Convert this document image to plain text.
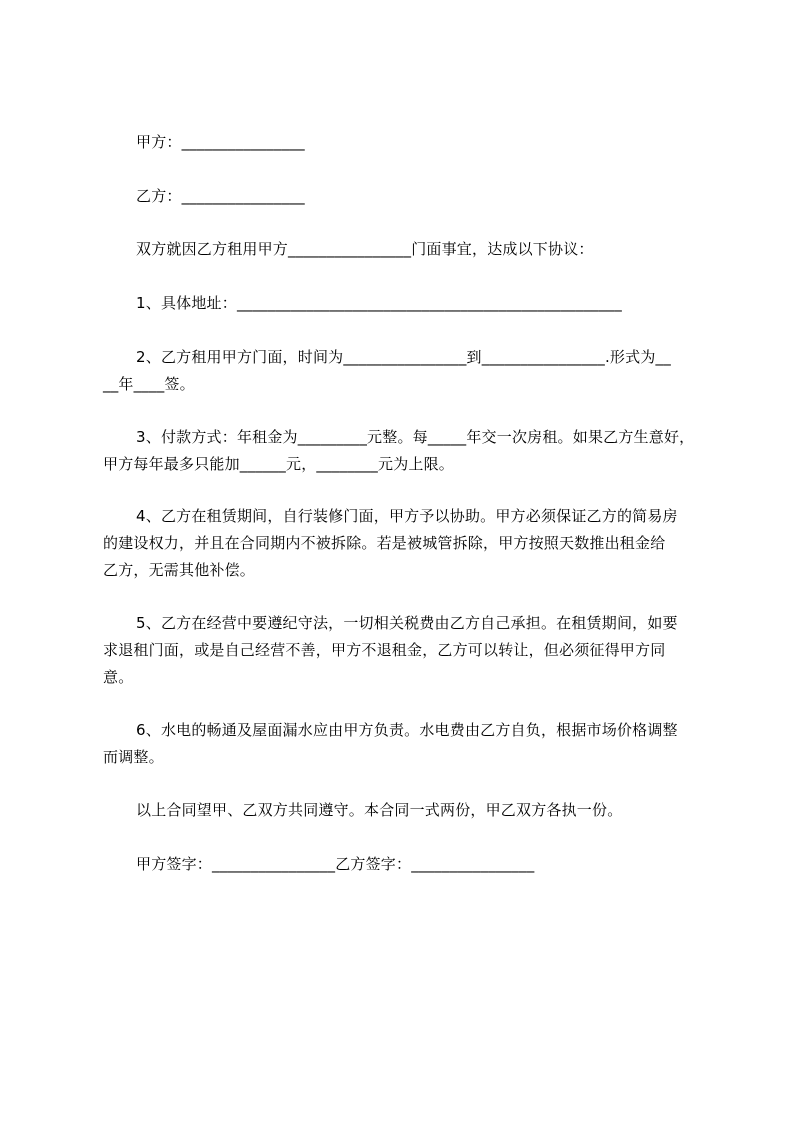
甲方：________________
乙方：________________
双方就因乙方租用甲方________________门面事宜，达成以下协议：
1、具体地址：__________________________________________________
2、乙方租用甲方门面，时间为________________到________________.形式为__
__年____签。
3、付款方式：年租金为_________元整。每_____年交一次房租。如果乙方生意好，
甲方每年最多只能加______元，________元为上限。
4、乙方在租赁期间，自行装修门面，甲方予以协助。甲方必须保证乙方的简易房
的建设权力，并且在合同期内不被拆除。若是被城管拆除，甲方按照天数推出租金给
乙方，无需其他补偿。
5、乙方在经营中要遵纪守法，一切相关税费由乙方自己承担。在租赁期间，如要
求退租门面，或是自己经营不善，甲方不退租金，乙方可以转让，但必须征得甲方同
意。
6、水电的畅通及屋面漏水应由甲方负责。水电费由乙方自负，根据市场价格调整
而调整。
以上合同望甲、乙双方共同遵守。本合同一式两份，甲乙双方各执一份。
甲方签字：________________乙方签字：________________
